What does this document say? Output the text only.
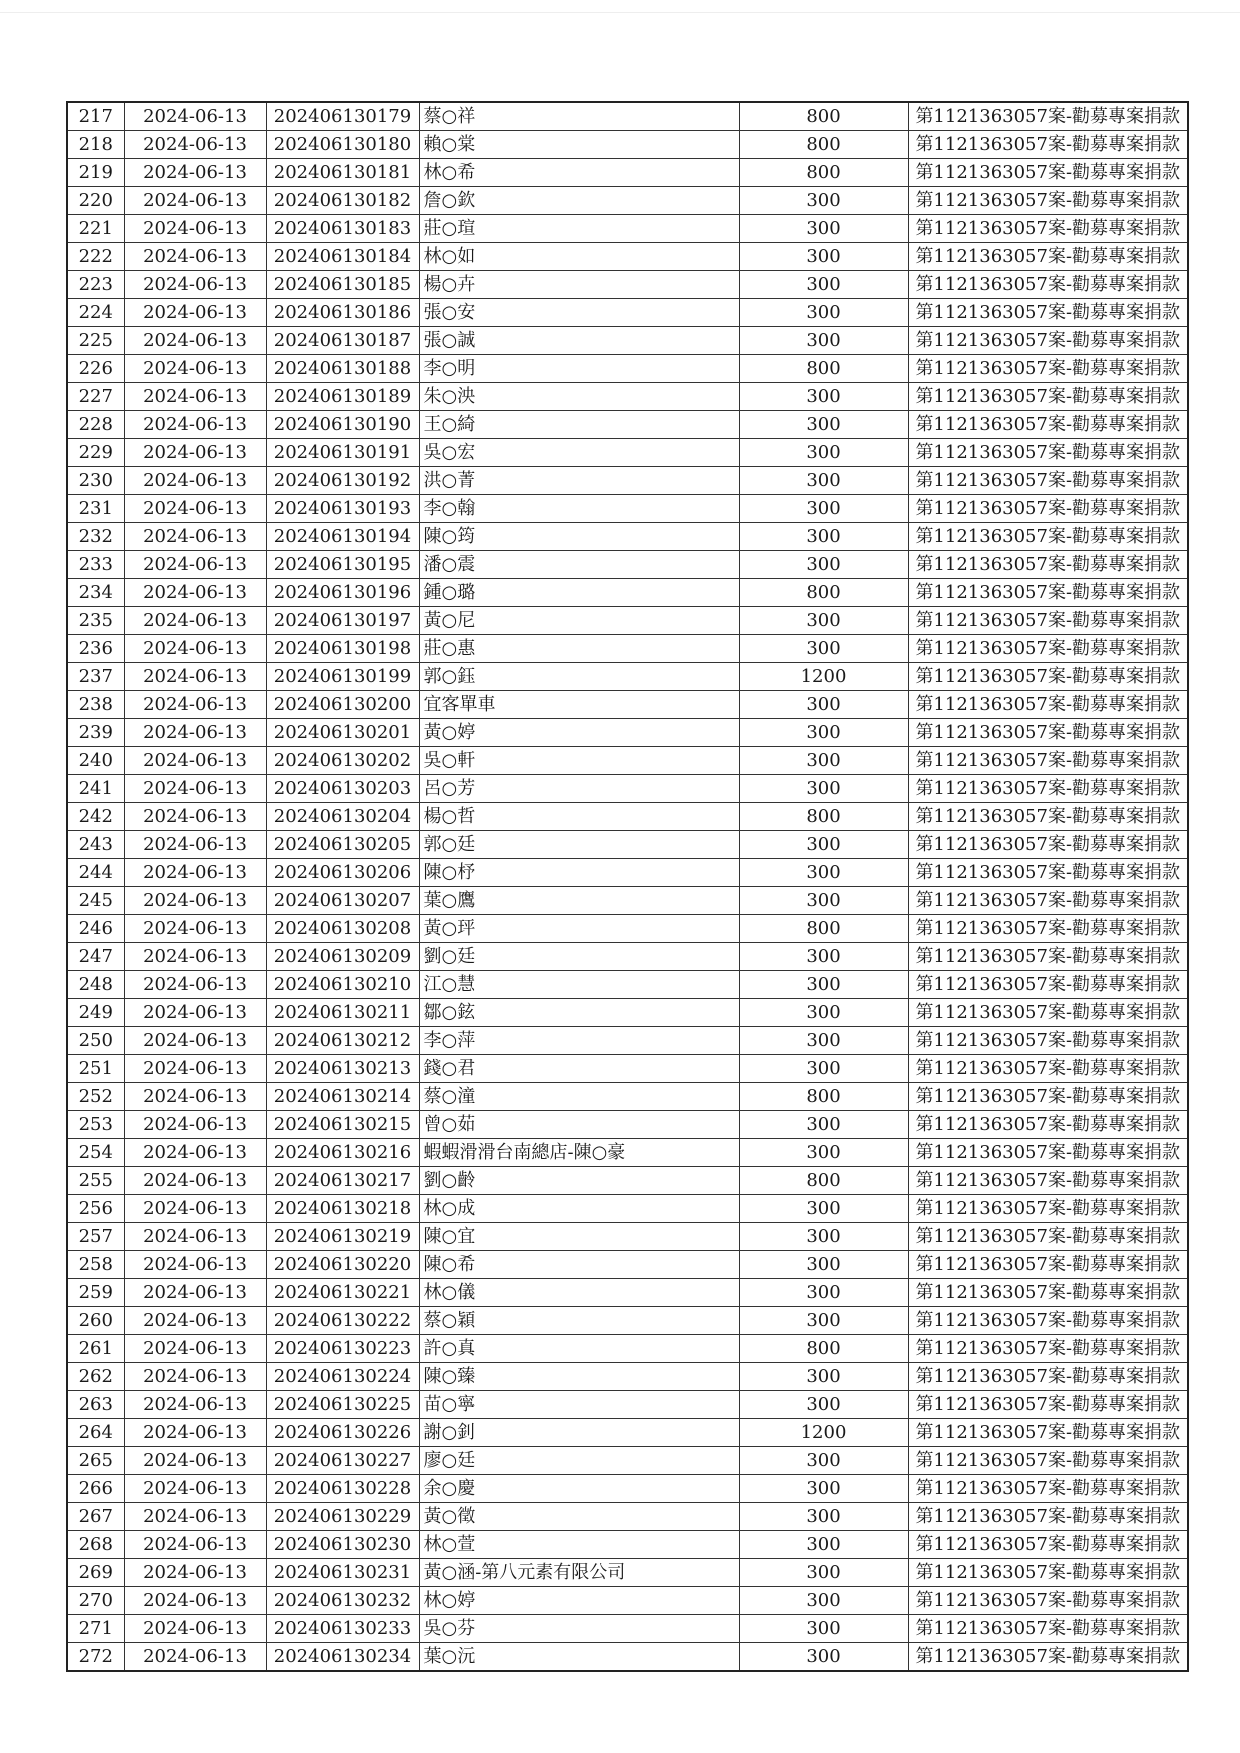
217	2024-06-13	202406130179	蔡○祥	800	第1121363057案-勸募專案捐款
218	2024-06-13	202406130180	賴○棠	800	第1121363057案-勸募專案捐款
219	2024-06-13	202406130181	林○希	800	第1121363057案-勸募專案捐款
220	2024-06-13	202406130182	詹○欽	300	第1121363057案-勸募專案捐款
221	2024-06-13	202406130183	莊○瑄	300	第1121363057案-勸募專案捐款
222	2024-06-13	202406130184	林○如	300	第1121363057案-勸募專案捐款
223	2024-06-13	202406130185	楊○卉	300	第1121363057案-勸募專案捐款
224	2024-06-13	202406130186	張○安	300	第1121363057案-勸募專案捐款
225	2024-06-13	202406130187	張○誠	300	第1121363057案-勸募專案捐款
226	2024-06-13	202406130188	李○明	800	第1121363057案-勸募專案捐款
227	2024-06-13	202406130189	朱○泱	300	第1121363057案-勸募專案捐款
228	2024-06-13	202406130190	王○綺	300	第1121363057案-勸募專案捐款
229	2024-06-13	202406130191	吳○宏	300	第1121363057案-勸募專案捐款
230	2024-06-13	202406130192	洪○菁	300	第1121363057案-勸募專案捐款
231	2024-06-13	202406130193	李○翰	300	第1121363057案-勸募專案捐款
232	2024-06-13	202406130194	陳○筠	300	第1121363057案-勸募專案捐款
233	2024-06-13	202406130195	潘○震	300	第1121363057案-勸募專案捐款
234	2024-06-13	202406130196	鍾○璐	800	第1121363057案-勸募專案捐款
235	2024-06-13	202406130197	黃○尼	300	第1121363057案-勸募專案捐款
236	2024-06-13	202406130198	莊○惠	300	第1121363057案-勸募專案捐款
237	2024-06-13	202406130199	郭○鈺	1200	第1121363057案-勸募專案捐款
238	2024-06-13	202406130200	宜客單車	300	第1121363057案-勸募專案捐款
239	2024-06-13	202406130201	黃○婷	300	第1121363057案-勸募專案捐款
240	2024-06-13	202406130202	吳○軒	300	第1121363057案-勸募專案捐款
241	2024-06-13	202406130203	呂○芳	300	第1121363057案-勸募專案捐款
242	2024-06-13	202406130204	楊○哲	800	第1121363057案-勸募專案捐款
243	2024-06-13	202406130205	郭○廷	300	第1121363057案-勸募專案捐款
244	2024-06-13	202406130206	陳○杼	300	第1121363057案-勸募專案捐款
245	2024-06-13	202406130207	葉○鷹	300	第1121363057案-勸募專案捐款
246	2024-06-13	202406130208	黃○玶	800	第1121363057案-勸募專案捐款
247	2024-06-13	202406130209	劉○廷	300	第1121363057案-勸募專案捐款
248	2024-06-13	202406130210	江○慧	300	第1121363057案-勸募專案捐款
249	2024-06-13	202406130211	鄒○鉉	300	第1121363057案-勸募專案捐款
250	2024-06-13	202406130212	李○萍	300	第1121363057案-勸募專案捐款
251	2024-06-13	202406130213	錢○君	300	第1121363057案-勸募專案捐款
252	2024-06-13	202406130214	蔡○潼	800	第1121363057案-勸募專案捐款
253	2024-06-13	202406130215	曾○茹	300	第1121363057案-勸募專案捐款
254	2024-06-13	202406130216	蝦蝦滑滑台南總店-陳○豪	300	第1121363057案-勸募專案捐款
255	2024-06-13	202406130217	劉○齡	800	第1121363057案-勸募專案捐款
256	2024-06-13	202406130218	林○成	300	第1121363057案-勸募專案捐款
257	2024-06-13	202406130219	陳○宜	300	第1121363057案-勸募專案捐款
258	2024-06-13	202406130220	陳○希	300	第1121363057案-勸募專案捐款
259	2024-06-13	202406130221	林○儀	300	第1121363057案-勸募專案捐款
260	2024-06-13	202406130222	蔡○穎	300	第1121363057案-勸募專案捐款
261	2024-06-13	202406130223	許○真	800	第1121363057案-勸募專案捐款
262	2024-06-13	202406130224	陳○臻	300	第1121363057案-勸募專案捐款
263	2024-06-13	202406130225	苗○寧	300	第1121363057案-勸募專案捐款
264	2024-06-13	202406130226	謝○釗	1200	第1121363057案-勸募專案捐款
265	2024-06-13	202406130227	廖○廷	300	第1121363057案-勸募專案捐款
266	2024-06-13	202406130228	余○慶	300	第1121363057案-勸募專案捐款
267	2024-06-13	202406130229	黃○徵	300	第1121363057案-勸募專案捐款
268	2024-06-13	202406130230	林○萱	300	第1121363057案-勸募專案捐款
269	2024-06-13	202406130231	黃○涵-第八元素有限公司	300	第1121363057案-勸募專案捐款
270	2024-06-13	202406130232	林○婷	300	第1121363057案-勸募專案捐款
271	2024-06-13	202406130233	吳○芬	300	第1121363057案-勸募專案捐款
272	2024-06-13	202406130234	葉○沅	300	第1121363057案-勸募專案捐款
